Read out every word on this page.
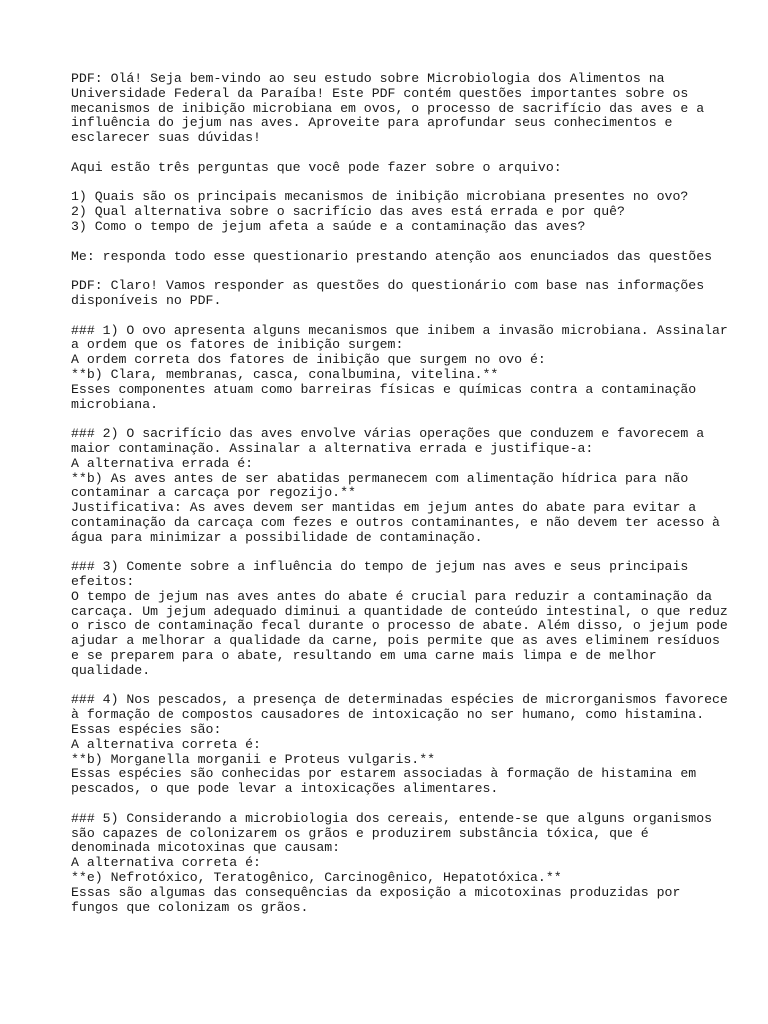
PDF: Olá! Seja bem-vindo ao seu estudo sobre Microbiologia dos Alimentos na
Universidade Federal da Paraíba! Este PDF contém questões importantes sobre os
mecanismos de inibição microbiana em ovos, o processo de sacrifício das aves e a
influência do jejum nas aves. Aproveite para aprofundar seus conhecimentos e
esclarecer suas dúvidas!
Aqui estão três perguntas que você pode fazer sobre o arquivo:
1) Quais são os principais mecanismos de inibição microbiana presentes no ovo?
2) Qual alternativa sobre o sacrifício das aves está errada e por quê?
3) Como o tempo de jejum afeta a saúde e a contaminação das aves?
Me: responda todo esse questionario prestando atenção aos enunciados das questões
PDF: Claro! Vamos responder as questões do questionário com base nas informações
disponíveis no PDF.
### 1) O ovo apresenta alguns mecanismos que inibem a invasão microbiana. Assinalar
a ordem que os fatores de inibição surgem:
A ordem correta dos fatores de inibição que surgem no ovo é:
**b) Clara, membranas, casca, conalbumina, vitelina.**
Esses componentes atuam como barreiras físicas e químicas contra a contaminação
microbiana.
### 2) O sacrifício das aves envolve várias operações que conduzem e favorecem a
maior contaminação. Assinalar a alternativa errada e justifique-a:
A alternativa errada é:
**b) As aves antes de ser abatidas permanecem com alimentação hídrica para não
contaminar a carcaça por regozijo.**
Justificativa: As aves devem ser mantidas em jejum antes do abate para evitar a
contaminação da carcaça com fezes e outros contaminantes, e não devem ter acesso à
água para minimizar a possibilidade de contaminação.
### 3) Comente sobre a influência do tempo de jejum nas aves e seus principais
efeitos:
O tempo de jejum nas aves antes do abate é crucial para reduzir a contaminação da
carcaça. Um jejum adequado diminui a quantidade de conteúdo intestinal, o que reduz
o risco de contaminação fecal durante o processo de abate. Além disso, o jejum pode
ajudar a melhorar a qualidade da carne, pois permite que as aves eliminem resíduos
e se preparem para o abate, resultando em uma carne mais limpa e de melhor
qualidade.
### 4) Nos pescados, a presença de determinadas espécies de microrganismos favorece
à formação de compostos causadores de intoxicação no ser humano, como histamina.
Essas espécies são:
A alternativa correta é:
**b) Morganella morganii e Proteus vulgaris.**
Essas espécies são conhecidas por estarem associadas à formação de histamina em
pescados, o que pode levar a intoxicações alimentares.
### 5) Considerando a microbiologia dos cereais, entende-se que alguns organismos
são capazes de colonizarem os grãos e produzirem substância tóxica, que é
denominada micotoxinas que causam:
A alternativa correta é:
**e) Nefrotóxico, Teratogênico, Carcinogênico, Hepatotóxica.**
Essas são algumas das consequências da exposição a micotoxinas produzidas por
fungos que colonizam os grãos.
